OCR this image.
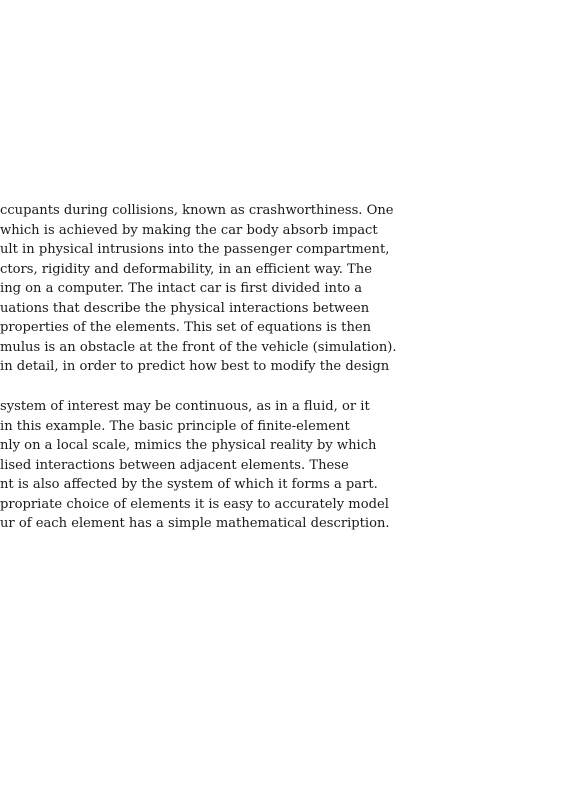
ccupants during collisions, known as crashworthiness. One
which is achieved by making the car body absorb impact
ult in physical intrusions into the passenger compartment,
ctors, rigidity and deformability, in an efficient way. The
ing on a computer. The intact car is first divided into a
uations that describe the physical interactions between
properties of the elements. This set of equations is then
mulus is an obstacle at the front of the vehicle (simulation).
in detail, in order to predict how best to modify the design

system of interest may be continuous, as in a fluid, or it
in this example. The basic principle of finite-element
nly on a local scale, mimics the physical reality by which
lised interactions between adjacent elements. These
nt is also affected by the system of which it forms a part.
propriate choice of elements it is easy to accurately model
ur of each element has a simple mathematical description.
